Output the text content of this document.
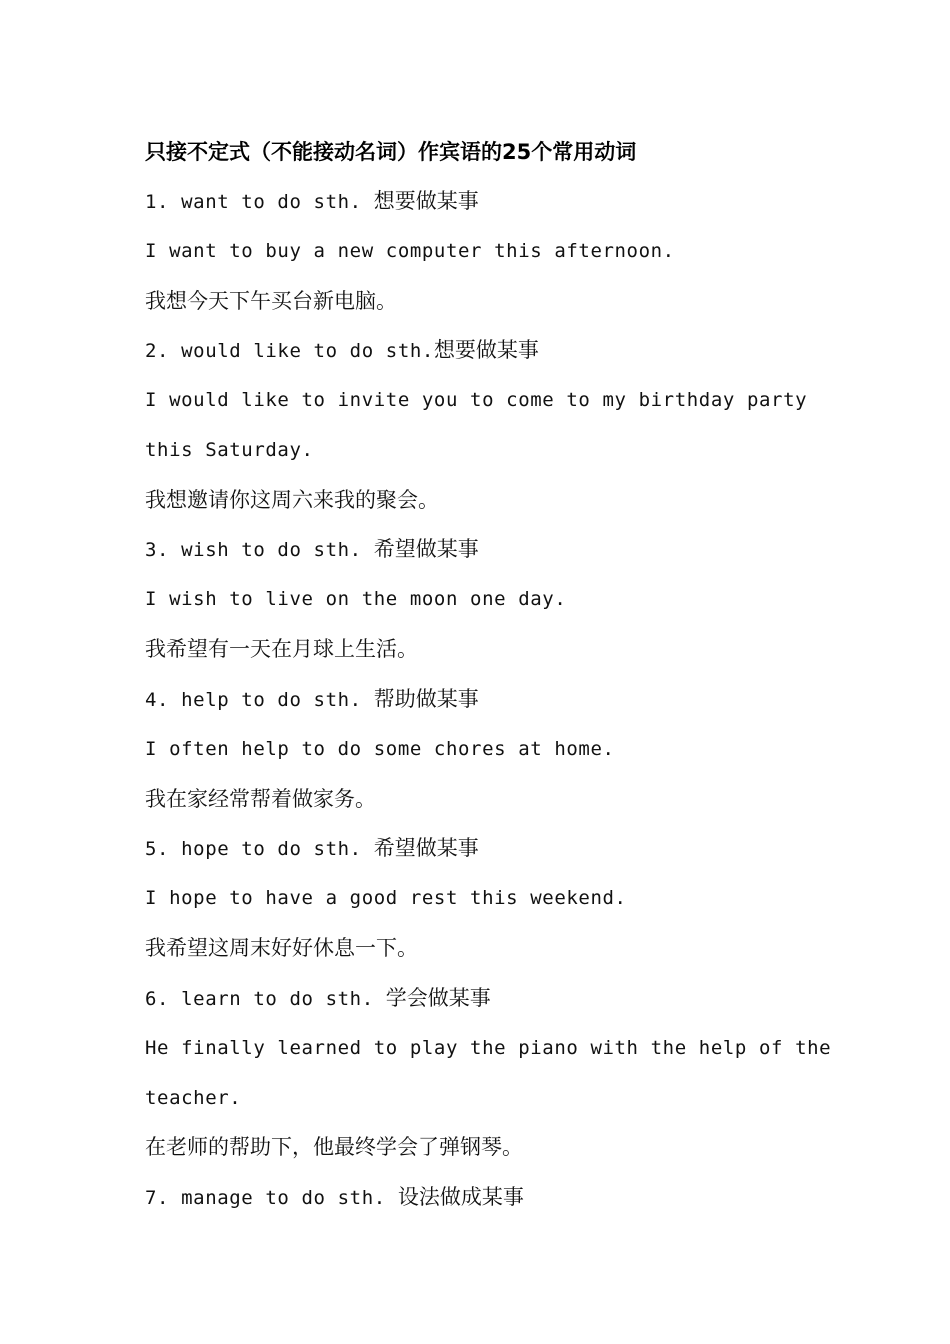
只接不定式（不能接动名词）作宾语的25个常用动词
1. want to do sth. 想要做某事
I want to buy a new computer this afternoon.
我想今天下午买台新电脑。
2. would like to do sth.想要做某事
I would like to invite you to come to my birthday party
this Saturday.
我想邀请你这周六来我的聚会。
3. wish to do sth. 希望做某事
I wish to live on the moon one day.
我希望有一天在月球上生活。
4. help to do sth. 帮助做某事
I often help to do some chores at home.
我在家经常帮着做家务。
5. hope to do sth. 希望做某事
I hope to have a good rest this weekend.
我希望这周末好好休息一下。
6. learn to do sth. 学会做某事
He finally learned to play the piano with the help of the
teacher.
在老师的帮助下，他最终学会了弹钢琴。
7. manage to do sth. 设法做成某事
